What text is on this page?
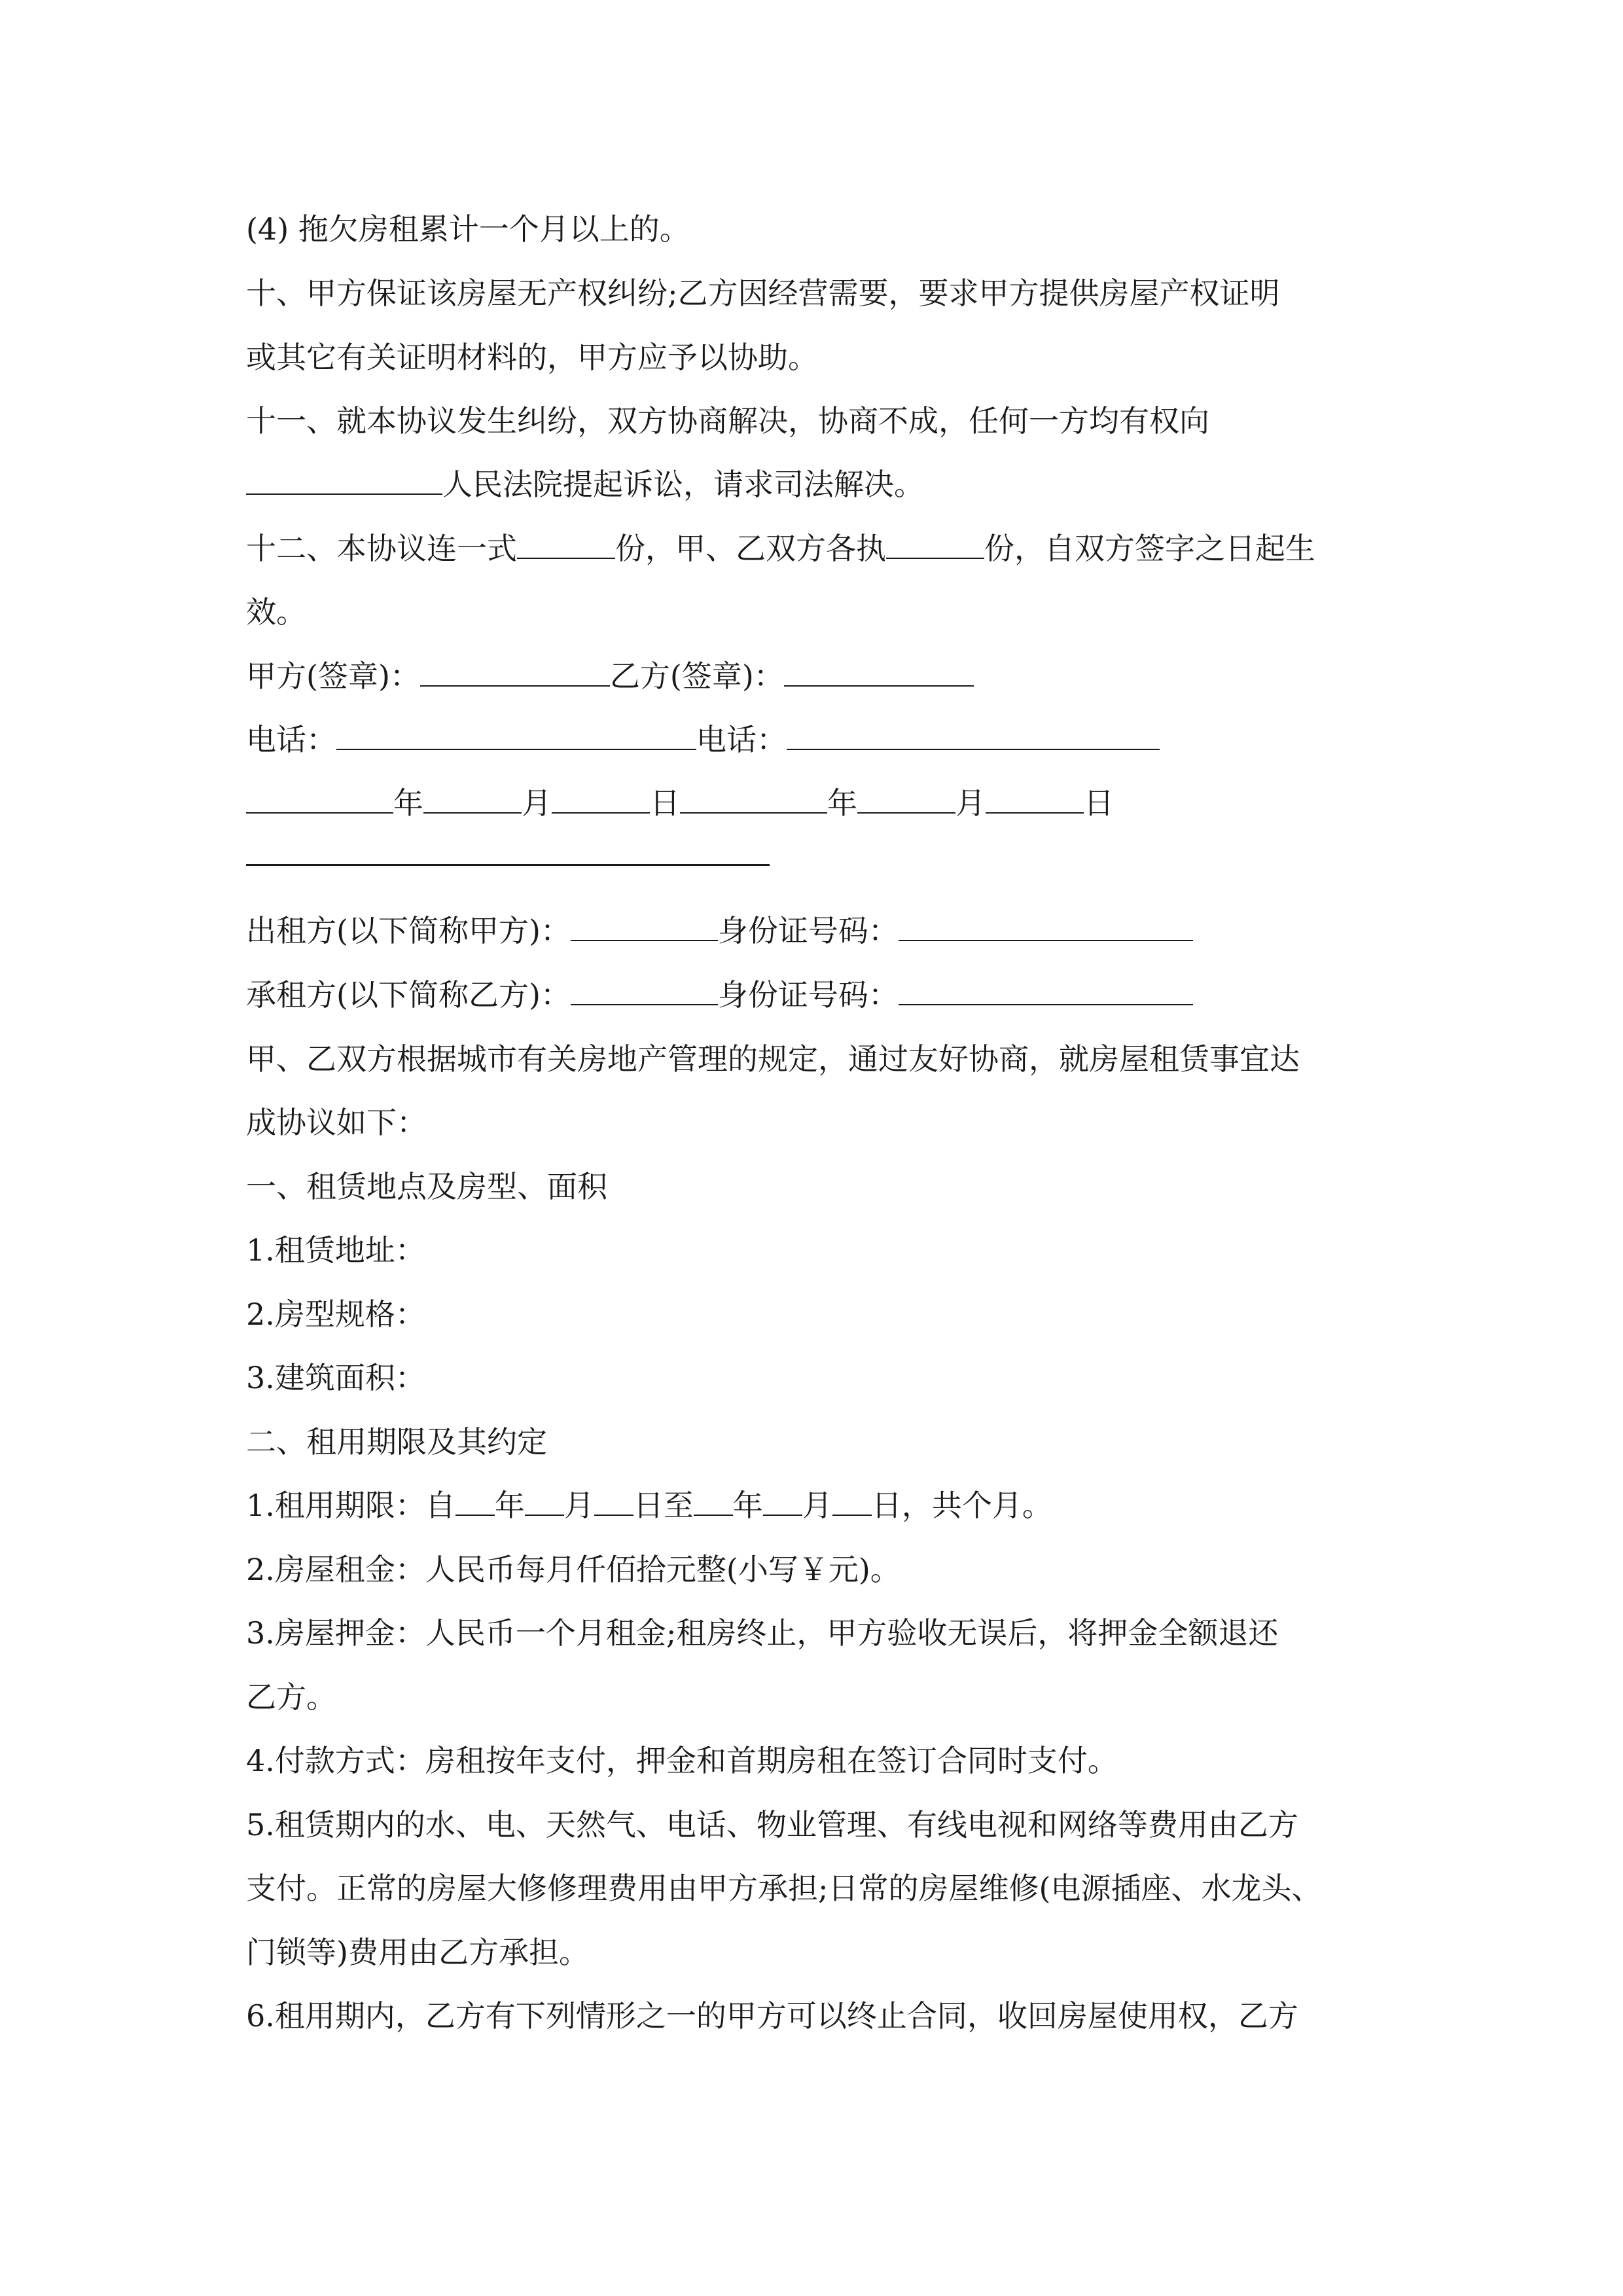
(4) 拖欠房租累计一个月以上的。
十、甲方保证该房屋无产权纠纷;乙方因经营需要，要求甲方提供房屋产权证明
或其它有关证明材料的，甲方应予以协助。
十一、就本协议发生纠纷，双方协商解决，协商不成，任何一方均有权向
人民法院提起诉讼，请求司法解决。
十二、本协议连一式	份，甲、乙双方各执	份，自双方签字之日起生
效。
甲方(签章)：	乙方(签章)：
电话：	电话：
年	月	日	年	月	日
出租方(以下简称甲方)：	身份证号码：
承租方(以下简称乙方)：	身份证号码：
甲、乙双方根据城市有关房地产管理的规定，通过友好协商，就房屋租赁事宜达
成协议如下：
一、租赁地点及房型、面积
1.租赁地址：
2.房型规格：
3.建筑面积：
二、租用期限及其约定
1.租用期限：自 年 月 日至 年 月 日，共个月。
2.房屋租金：人民币每月仟佰拾元整(小写￥元)。
3.房屋押金：人民币一个月租金;租房终止，甲方验收无误后，将押金全额退还
乙方。
4.付款方式：房租按年支付，押金和首期房租在签订合同时支付。
5.租赁期内的水、电、天然气、电话、物业管理、有线电视和网络等费用由乙方
支付。正常的房屋大修修理费用由甲方承担;日常的房屋维修(电源插座、水龙头、
门锁等)费用由乙方承担。
6.租用期内，乙方有下列情形之一的甲方可以终止合同，收回房屋使用权，乙方
